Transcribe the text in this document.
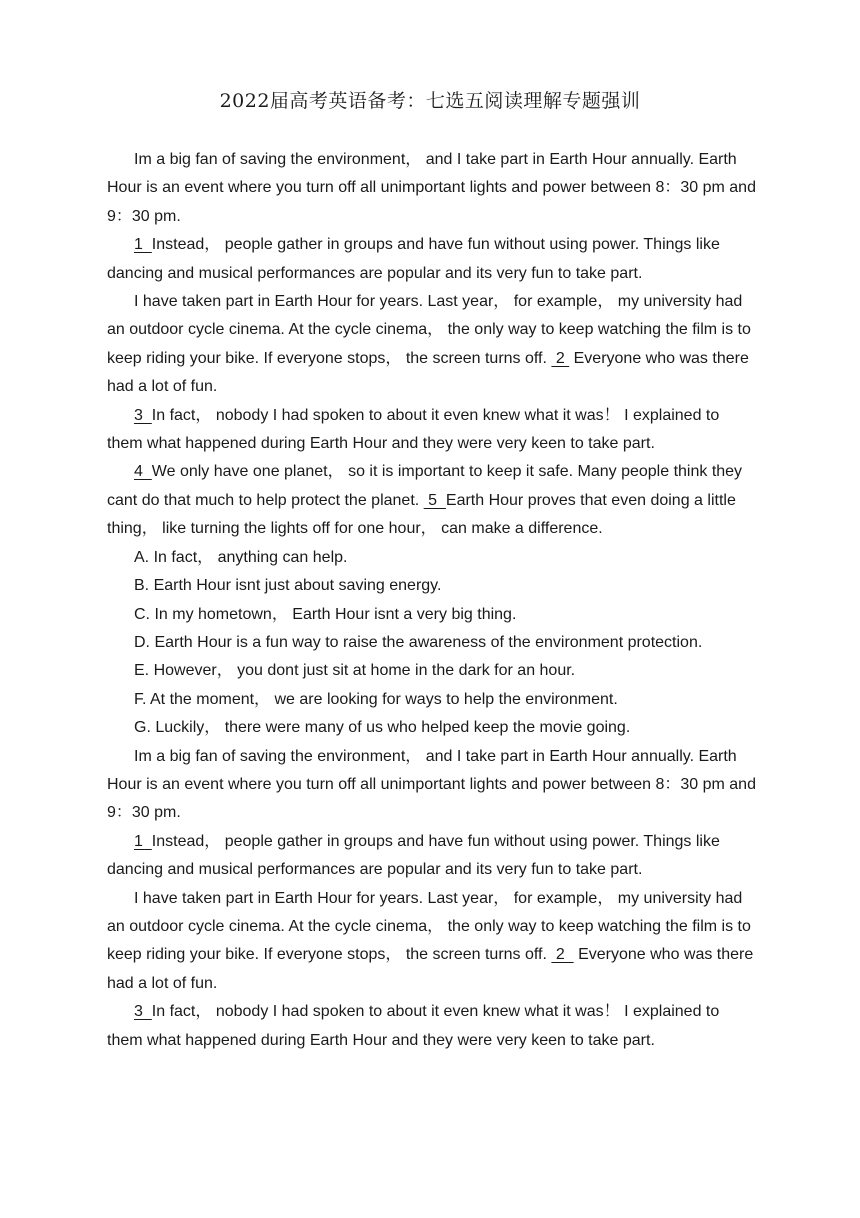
2022届高考英语备考：七选五阅读理解专题强训

Im a big fan of saving the environment， and I take part in Earth Hour annually. Earth Hour is an event where you turn off all unimportant lights and power between 8：30 pm and 9：30 pm.

1  Instead， people gather in groups and have fun without using power. Things like dancing and musical performances are popular and its very fun to take part.

I have taken part in Earth Hour for years. Last year， for example， my university had an outdoor cycle cinema. At the cycle cinema， the only way to keep watching the film is to keep riding your bike. If everyone stops， the screen turns off.  2  Everyone who was there had a lot of fun.

3  In fact， nobody I had spoken to about it even knew what it was！ I explained to them what happened during Earth Hour and they were very keen to take part.

4  We only have one planet， so it is important to keep it safe. Many people think they cant do that much to help protect the planet.  5  Earth Hour proves that even doing a little thing， like turning the lights off for one hour， can make a difference.

A. In fact， anything can help.

B. Earth Hour isnt just about saving energy.

C. In my hometown， Earth Hour isnt a very big thing.

D. Earth Hour is a fun way to raise the awareness of the environment protection.

E. However， you dont just sit at home in the dark for an hour.

F. At the moment， we are looking for ways to help the environment.

G. Luckily， there were many of us who helped keep the movie going.

Im a big fan of saving the environment， and I take part in Earth Hour annually. Earth Hour is an event where you turn off all unimportant lights and power between 8：30 pm and 9：30 pm.

1  Instead， people gather in groups and have fun without using power. Things like dancing and musical performances are popular and its very fun to take part.

I have taken part in Earth Hour for years. Last year， for example， my university had an outdoor cycle cinema. At the cycle cinema， the only way to keep watching the film is to keep riding your bike. If everyone stops， the screen turns off.  2   Everyone who was there had a lot of fun.

3  In fact， nobody I had spoken to about it even knew what it was！ I explained to them what happened during Earth Hour and they were very keen to take part.
